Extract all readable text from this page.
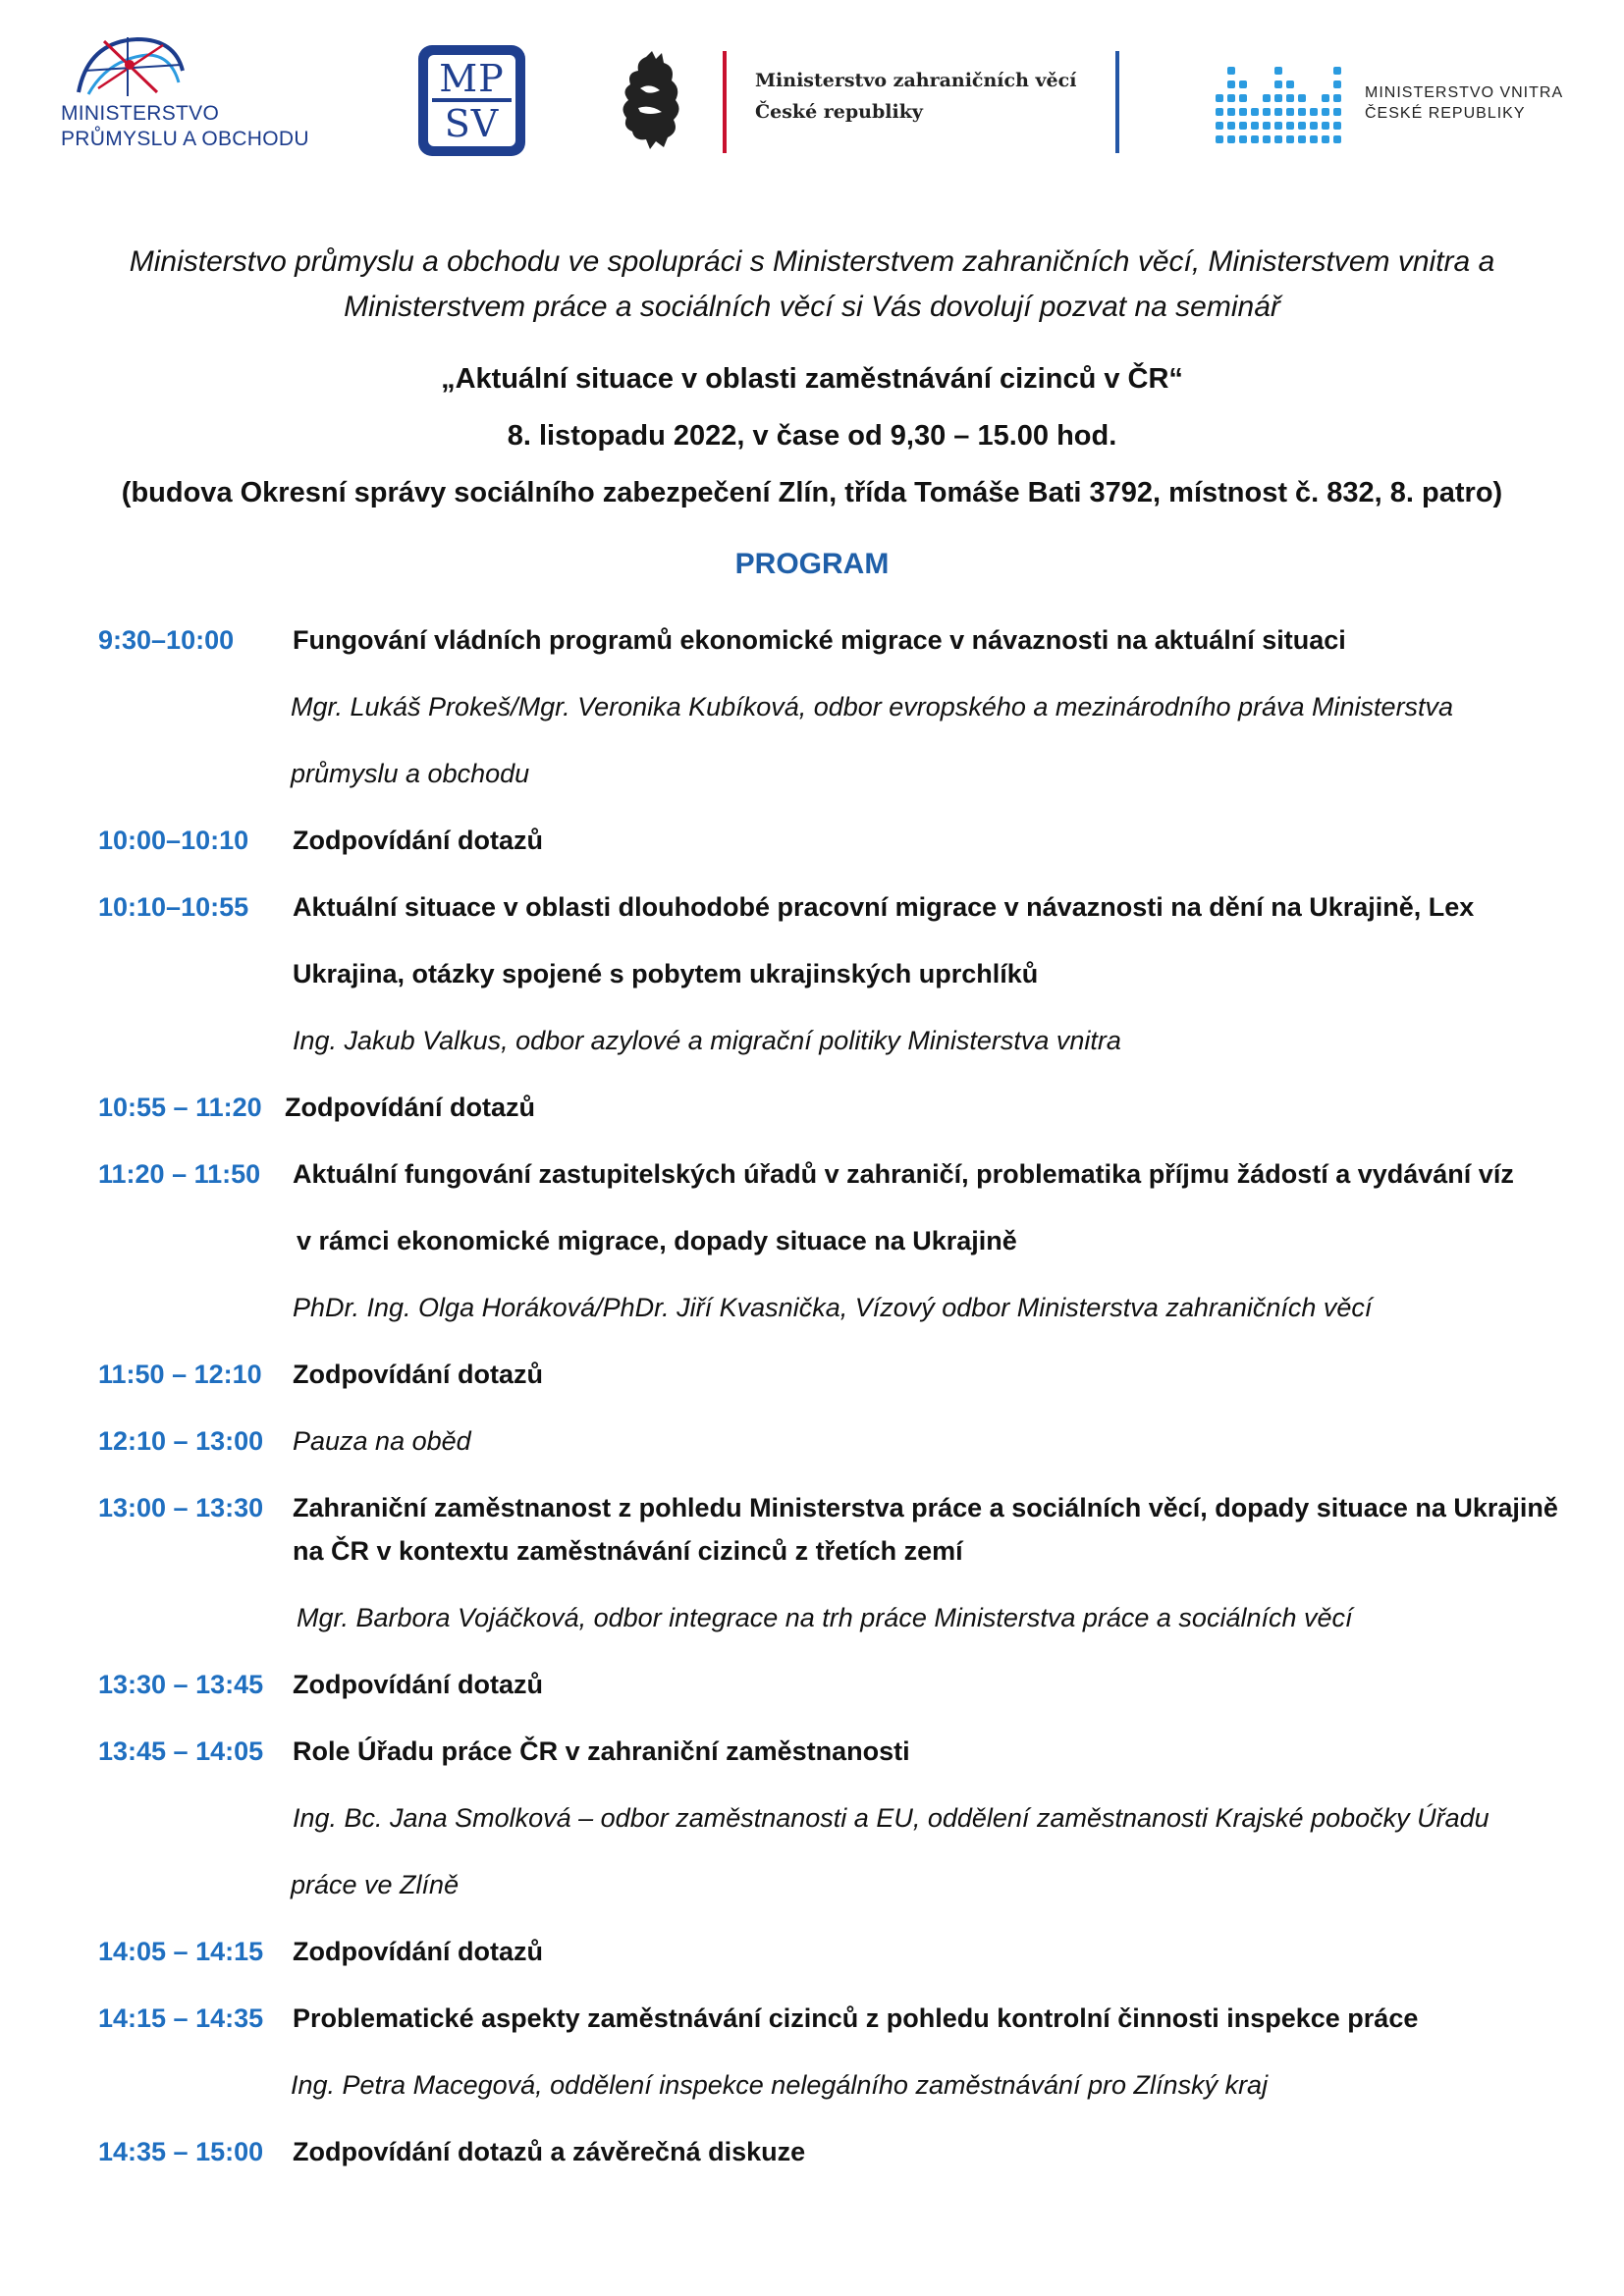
MINISTERSTVO
PRŮMYSLU A OBCHODU
MP
SV
Ministerstvo zahraničních věcí
České republiky
MINISTERSTVO VNITRA
ČESKÉ REPUBLIKY
Ministerstvo průmyslu a obchodu ve spolupráci s Ministerstvem zahraničních věcí, Ministerstvem vnitra a
Ministerstvem práce a sociálních věcí si Vás dovolují pozvat na seminář
„Aktuální situace v oblasti zaměstnávání cizinců v ČR“
8. listopadu 2022, v čase od 9,30 – 15.00 hod.
(budova Okresní správy sociálního zabezpečení Zlín, třída Tomáše Bati 3792, místnost č. 832, 8. patro)
PROGRAM
9:30–10:00 Fungování vládních programů ekonomické migrace v návaznosti na aktuální situaci
Mgr. Lukáš Prokeš/Mgr. Veronika Kubíková, odbor evropského a mezinárodního práva Ministerstva
průmyslu a obchodu
10:00–10:10 Zodpovídání dotazů
10:10–10:55 Aktuální situace v oblasti dlouhodobé pracovní migrace v návaznosti na dění na Ukrajině, Lex
Ukrajina, otázky spojené s pobytem ukrajinských uprchlíků
Ing. Jakub Valkus, odbor azylové a migrační politiky Ministerstva vnitra
10:55 – 11:20 Zodpovídání dotazů
11:20 – 11:50 Aktuální fungování zastupitelských úřadů v zahraničí, problematika příjmu žádostí a vydávání víz
v rámci ekonomické migrace, dopady situace na Ukrajině
PhDr. Ing. Olga Horáková/PhDr. Jiří Kvasnička, Vízový odbor Ministerstva zahraničních věcí
11:50 – 12:10 Zodpovídání dotazů
12:10 – 13:00 Pauza na oběd
13:00 – 13:30 Zahraniční zaměstnanost z pohledu Ministerstva práce a sociálních věcí, dopady situace na Ukrajině
na ČR v kontextu zaměstnávání cizinců z třetích zemí
Mgr. Barbora Vojáčková, odbor integrace na trh práce Ministerstva práce a sociálních věcí
13:30 – 13:45 Zodpovídání dotazů
13:45 – 14:05 Role Úřadu práce ČR v zahraniční zaměstnanosti
Ing. Bc. Jana Smolková – odbor zaměstnanosti a EU, oddělení zaměstnanosti Krajské pobočky Úřadu
práce ve Zlíně
14:05 – 14:15 Zodpovídání dotazů
14:15 – 14:35 Problematické aspekty zaměstnávání cizinců z pohledu kontrolní činnosti inspekce práce
Ing. Petra Macegová, oddělení inspekce nelegálního zaměstnávání pro Zlínský kraj
14:35 – 15:00 Zodpovídání dotazů a závěrečná diskuze
